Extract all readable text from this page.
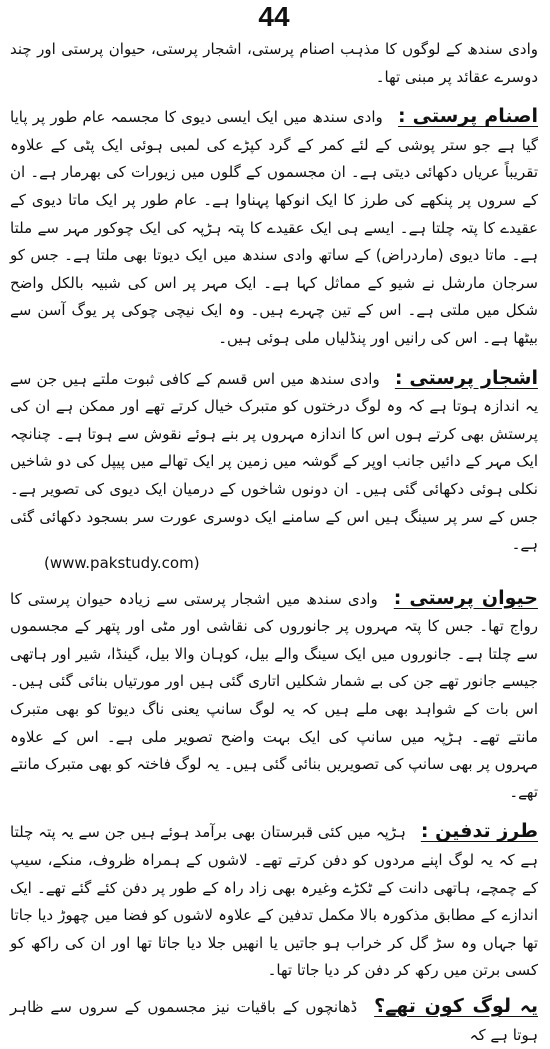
44

وادی سندھ کے لوگوں کا مذہب اصنام پرستی، اشجار پرستی، حیوان پرستی اور چند دوسرے عقائد پر مبنی تھا۔

اصنام پرستی : وادی سندھ میں ایک ایسی دیوی کا مجسمہ عام طور پر پایا گیا ہے جو ستر پوشی کے لئے کمر کے گرد کپڑے کی لمبی ہوئی ایک پٹی کے علاوہ تقریباً عریاں دکھائی دیتی ہے۔ ان مجسموں کے گلوں میں زیورات کی بھرمار ہے۔ ان کے سروں پر پنکھے کی طرز کا ایک انوکھا پہناوا ہے۔ عام طور پر ایک ماتا دیوی کے عقیدے کا پتہ چلتا ہے۔ ایسے ہی ایک عقیدے کا پتہ ہڑپہ کی ایک چوکور مہر سے ملتا ہے۔ ماتا دیوی (ماردراض) کے ساتھ وادی سندھ میں ایک دیوتا بھی ملتا ہے۔ جس کو سرجان مارشل نے شیو کے مماثل کہا ہے۔ ایک مہر پر اس کی شبیہ بالکل واضح شکل میں ملتی ہے۔ اس کے تین چہرے ہیں۔ وہ ایک نیچی چوکی پر یوگ آسن سے بیٹھا ہے۔ اس کی رانیں اور پنڈلیاں ملی ہوئی ہیں۔

اشجار پرستی : وادی سندھ میں اس قسم کے کافی ثبوت ملتے ہیں جن سے یہ اندازہ ہوتا ہے کہ وہ لوگ درختوں کو متبرک خیال کرتے تھے اور ممکن ہے ان کی پرستش بھی کرتے ہوں اس کا اندازہ مہروں پر بنے ہوئے نقوش سے ہوتا ہے۔ چنانچہ ایک مہر کے دائیں جانب اوپر کے گوشہ میں زمین پر ایک تھالے میں پیپل کی دو شاخیں نکلی ہوئی دکھائی گئی ہیں۔ ان دونوں شاخوں کے درمیان ایک دیوی کی تصویر ہے۔ جس کے سر پر سینگ ہیں اس کے سامنے ایک دوسری عورت سر بسجود دکھائی گئی ہے۔

(www.pakstudy.com)

حیوان پرستی : وادی سندھ میں اشجار پرستی سے زیادہ حیوان پرستی کا رواج تھا۔ جس کا پتہ مہروں پر جانوروں کی نقاشی اور مٹی اور پتھر کے مجسموں سے چلتا ہے۔ جانوروں میں ایک سینگ والے بیل، کوہان والا بیل، گینڈا، شیر اور ہاتھی جیسے جانور تھے جن کی بے شمار شکلیں اتاری گئی ہیں اور مورتیاں بنائی گئی ہیں۔ اس بات کے شواہد بھی ملے ہیں کہ یہ لوگ سانپ یعنی ناگ دیوتا کو بھی متبرک مانتے تھے۔ ہڑپہ میں سانپ کی ایک بہت واضح تصویر ملی ہے۔ اس کے علاوہ مہروں پر بھی سانپ کی تصویریں بنائی گئی ہیں۔ یہ لوگ فاختہ کو بھی متبرک مانتے تھے۔

طرز تدفین : ہڑپہ میں کئی قبرستان بھی برآمد ہوئے ہیں جن سے یہ پتہ چلتا ہے کہ یہ لوگ اپنے مردوں کو دفن کرتے تھے۔ لاشوں کے ہمراہ ظروف، منکے، سیپ کے چمچے، ہاتھی دانت کے ٹکڑے وغیرہ بھی زاد راہ کے طور پر دفن کئے گئے تھے۔ ایک اندازے کے مطابق مذکورہ بالا مکمل تدفین کے علاوہ لاشوں کو فضا میں چھوڑ دیا جاتا تھا جہاں وہ سڑ گل کر خراب ہو جاتیں یا انھیں جلا دیا جاتا تھا اور ان کی راکھ کو کسی برتن میں رکھ کر دفن کر دیا جاتا تھا۔

یہ لوگ کون تھے؟ ڈھانچوں کے باقیات نیز مجسموں کے سروں سے ظاہر ہوتا ہے کہ
